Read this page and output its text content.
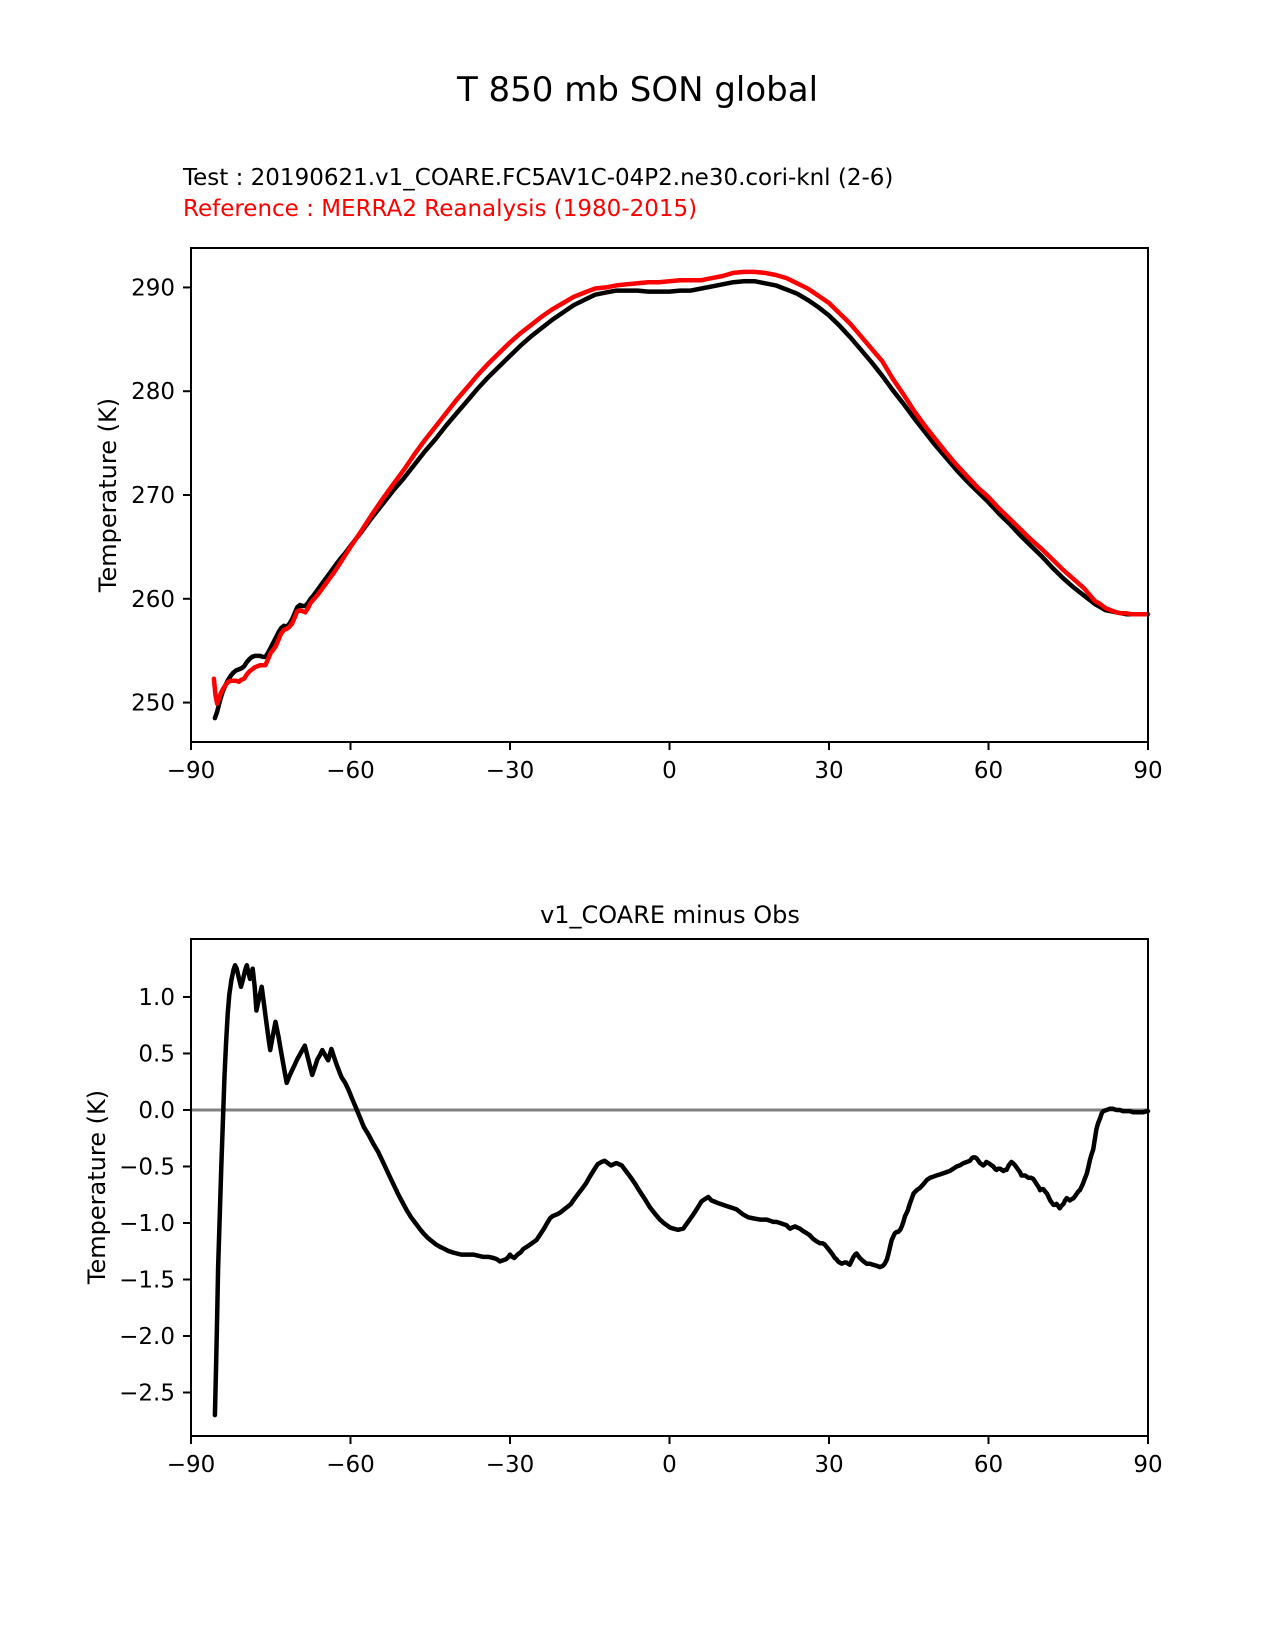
T 850 mb SON global
Test : 20190621.v1_COARE.FC5AV1C-04P2.ne30.cori-knl (2-6)
Reference : MERRA2 Reanalysis (1980-2015)
Temperature (K)
v1_COARE minus Obs
Temperature (K)
−90	−60	−30	0	30	60	90
250
260
270
280
290
−90	−60	−30	0	30	60	90
1.0
0.5
0.0
−0.5
−1.0
−1.5
−2.0
−2.5
